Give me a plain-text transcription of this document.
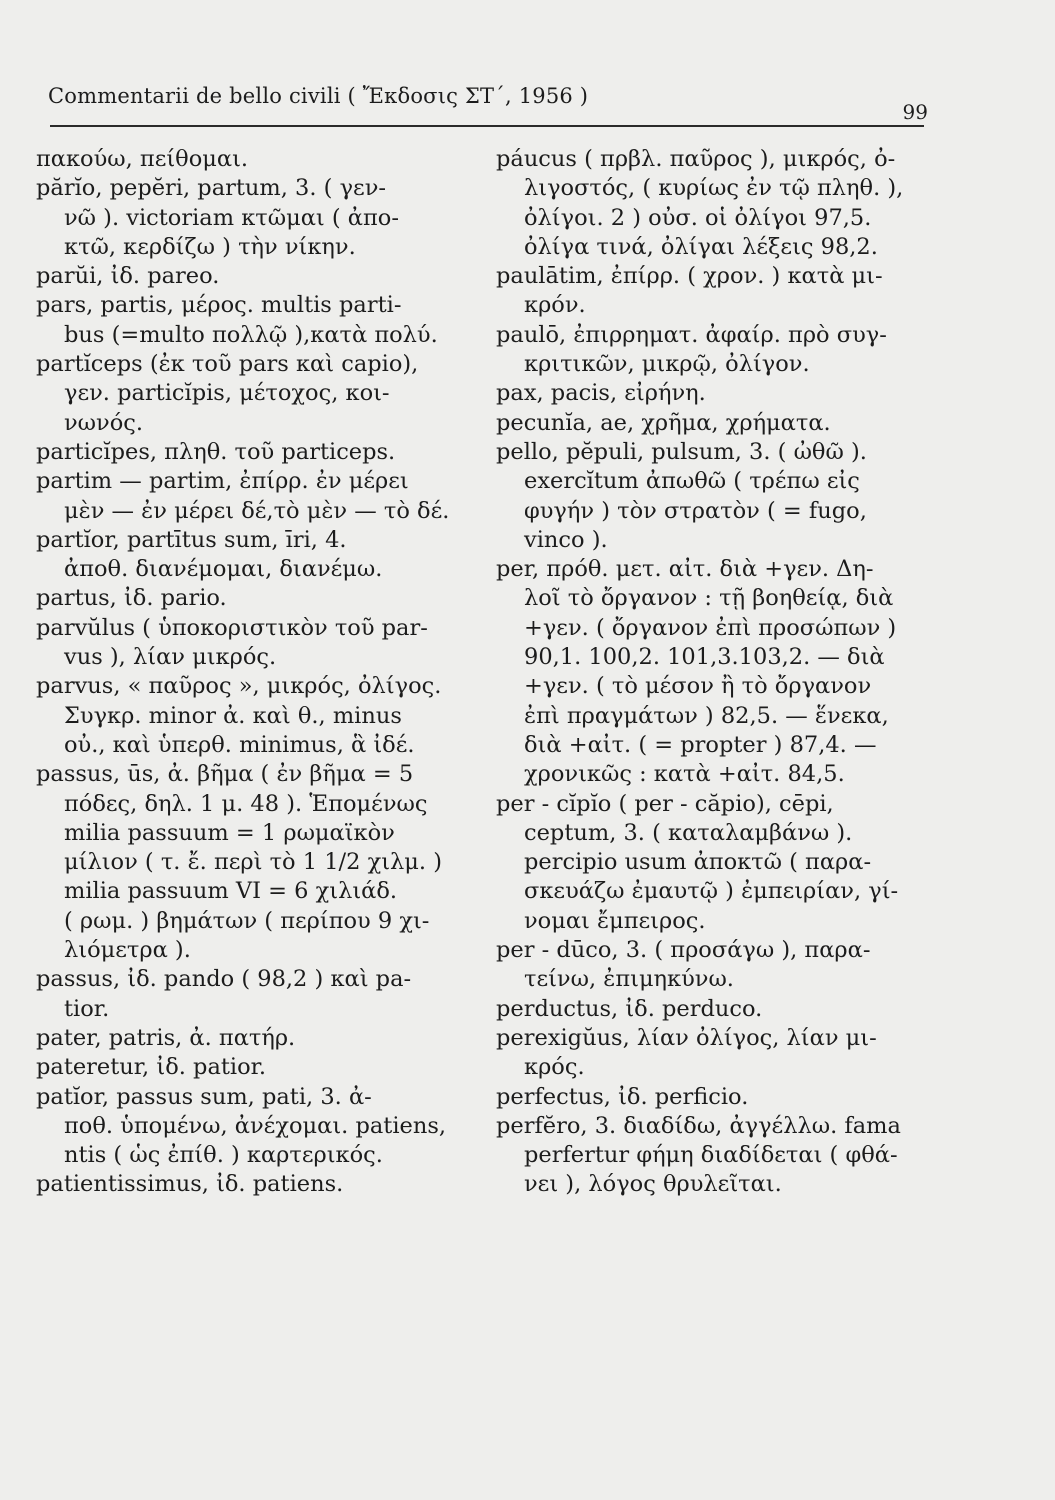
Commentarii de bello civili ( Ἔκδοσις ΣΤ΄, 1956 )
99

πακούω, πείθομαι.

părĭo, pepĕri, partum, 3. ( γεν-
νῶ ). victoriam κτῶμαι ( ἀπο-
κτῶ, κερδίζω ) τὴν νίκην.

parŭi, ἰδ. pareo.

pars, partis, μέρος. multis parti-
bus (=multo πολλῷ ),κατὰ πολύ.

partĭceps (ἐκ τοῦ pars καὶ capio),
γεν. particĭpis, μέτοχος, κοι-
νωνός.

particĭpes, πληθ. τοῦ particeps.

partim — partim, ἐπίρρ. ἐν μέρει
μὲν — ἐν μέρει δέ,τὸ μὲν — τὸ δέ.

partĭor, partītus sum, īri, 4.
ἀποθ. διανέμομαι, διανέμω.

partus, ἰδ. pario.

parvŭlus ( ὑποκοριστικὸν τοῦ par-
vus ), λίαν μικρός.

parvus, « παῦρος », μικρός, ὀλίγος.
Συγκρ. minor ἀ. καὶ θ., minus
οὐ., καὶ ὑπερθ. minimus, ἃ ἰδέ.

passus, ūs, ἀ. βῆμα ( ἐν βῆμα = 5
πόδες, δηλ. 1 μ. 48 ). Ἑπομένως
milia passuum = 1 ρωμαϊκὸν
μίλιον ( τ. ἔ. περὶ τὸ 1 1/2 χιλμ. )
milia passuum VI = 6 χιλιάδ.
( ρωμ. ) βημάτων ( περίπου 9 χι-
λιόμετρα ).

passus, ἰδ. pando ( 98,2 ) καὶ pa-
tior.

pater, patris, ἀ. πατήρ.

pateretur, ἰδ. patior.

patĭor, passus sum, pati, 3. ἀ-
ποθ. ὑπομένω, ἀνέχομαι. patiens,
ntis ( ὡς ἐπίθ. ) καρτερικός.

patientissimus, ἰδ. patiens.

páucus ( πρβλ. παῦρος ), μικρός, ὀ-
λιγοστός, ( κυρίως ἐν τῷ πληθ. ),
ὀλίγοι. 2 ) οὐσ. οἱ ὀλίγοι 97,5.
ὀλίγα τινά, ὀλίγαι λέξεις 98,2.

paulātim, ἐπίρρ. ( χρον. ) κατὰ μι-
κρόν.

paulō, ἐπιρρηματ. ἀφαίρ. πρὸ συγ-
κριτικῶν, μικρῷ, ὀλίγον.

pax, pacis, εἰρήνη.

pecunĭa, ae, χρῆμα, χρήματα.

pello, pĕpuli, pulsum, 3. ( ὠθῶ ).
exercĭtum ἀπωθῶ ( τρέπω εἰς
φυγήν ) τὸν στρατὸν ( = fugo,
vinco ).

per, πρόθ. μετ. αἰτ. διὰ +γεν. Δη-
λοῖ τὸ ὄργανον : τῇ βοηθείᾳ, διὰ
+γεν. ( ὄργανον ἐπὶ προσώπων )
90,1. 100,2. 101,3.103,2. — διὰ
+γεν. ( τὸ μέσον ἢ τὸ ὄργανον
ἐπὶ πραγμάτων ) 82,5. — ἕνεκα,
διὰ +αἰτ. ( = propter ) 87,4. —
χρονικῶς : κατὰ +αἰτ. 84,5.

per - cĭpĭo ( per - căpio), cēpi,
ceptum, 3. ( καταλαμβάνω ).
percipio usum ἀποκτῶ ( παρα-
σκευάζω ἐμαυτῷ ) ἐμπειρίαν, γί-
νομαι ἔμπειρος.

per - dūco, 3. ( προσάγω ), παρα-
τείνω, ἐπιμηκύνω.

perductus, ἰδ. perduco.

perexigŭus, λίαν ὀλίγος, λίαν μι-
κρός.

perfectus, ἰδ. perficio.

perfĕro, 3. διαδίδω, ἀγγέλλω. fama
perfertur φήμη διαδίδεται ( φθά-
νει ), λόγος θρυλεῖται.
